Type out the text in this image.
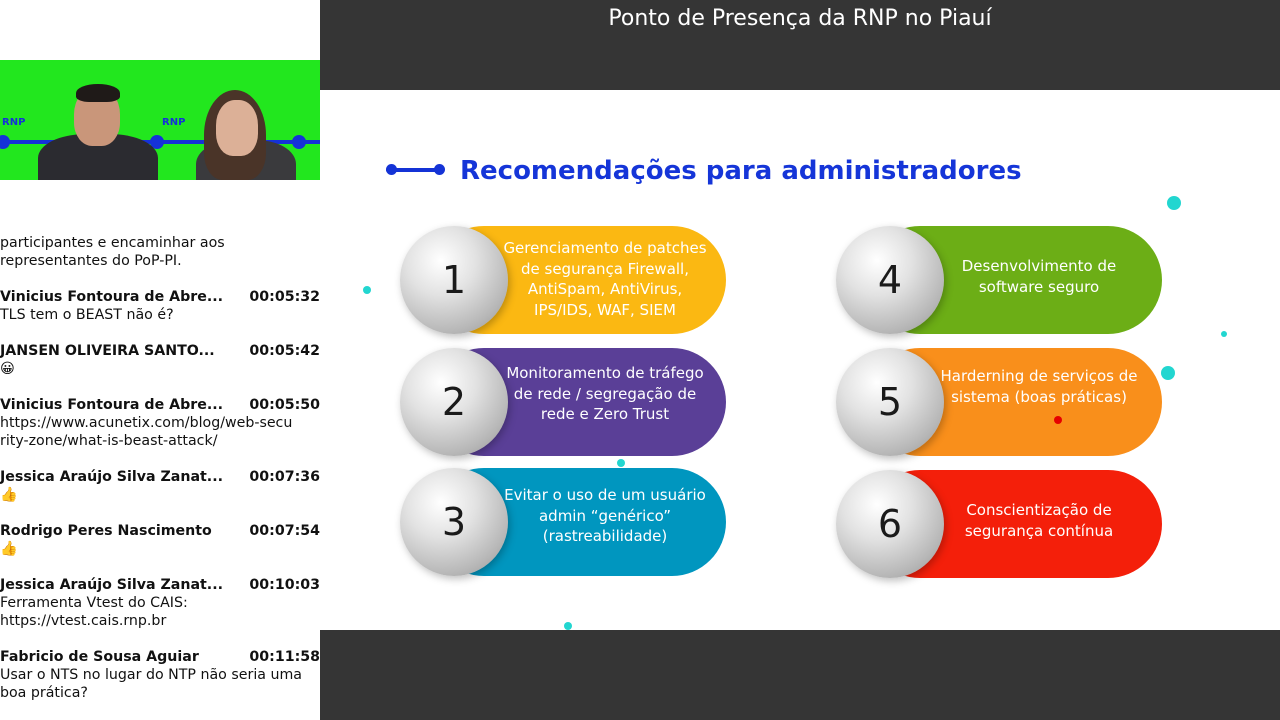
RNP	RNP
participantes e encaminhar aos
representantes do PoP-PI.
Vinicius Fontoura de Abre... 00:05:32
TLS tem o BEAST não é?
JANSEN OLIVEIRA SANTO... 00:05:42
😀
Vinicius Fontoura de Abre... 00:05:50
https://www.acunetix.com/blog/web-secu
rity-zone/what-is-beast-attack/
Jessica Araújo Silva Zanat... 00:07:36
👍
Rodrigo Peres Nascimento	00:07:54
👍
Jessica Araújo Silva Zanat... 00:10:03
Ferramenta Vtest do CAIS:
https://vtest.cais.rnp.br
Fabricio de Sousa Aguiar	00:11:58
Usar o NTS no lugar do NTP não seria uma
boa prática?
Ponto de Presença da RNP no Piauí
Recomendações para administradores
Gerenciamento de patches de segurança Firewall, AntiSpam, AntiVirus, IPS/IDS, WAF, SIEM
1
Monitoramento de tráfego de rede / segregação de rede e Zero Trust
2
Evitar o uso de um usuário admin “genérico” (rastreabilidade)
3
Desenvolvimento de software seguro
4
Harderning de serviços de sistema (boas práticas)
5
Conscientização de segurança contínua
6
